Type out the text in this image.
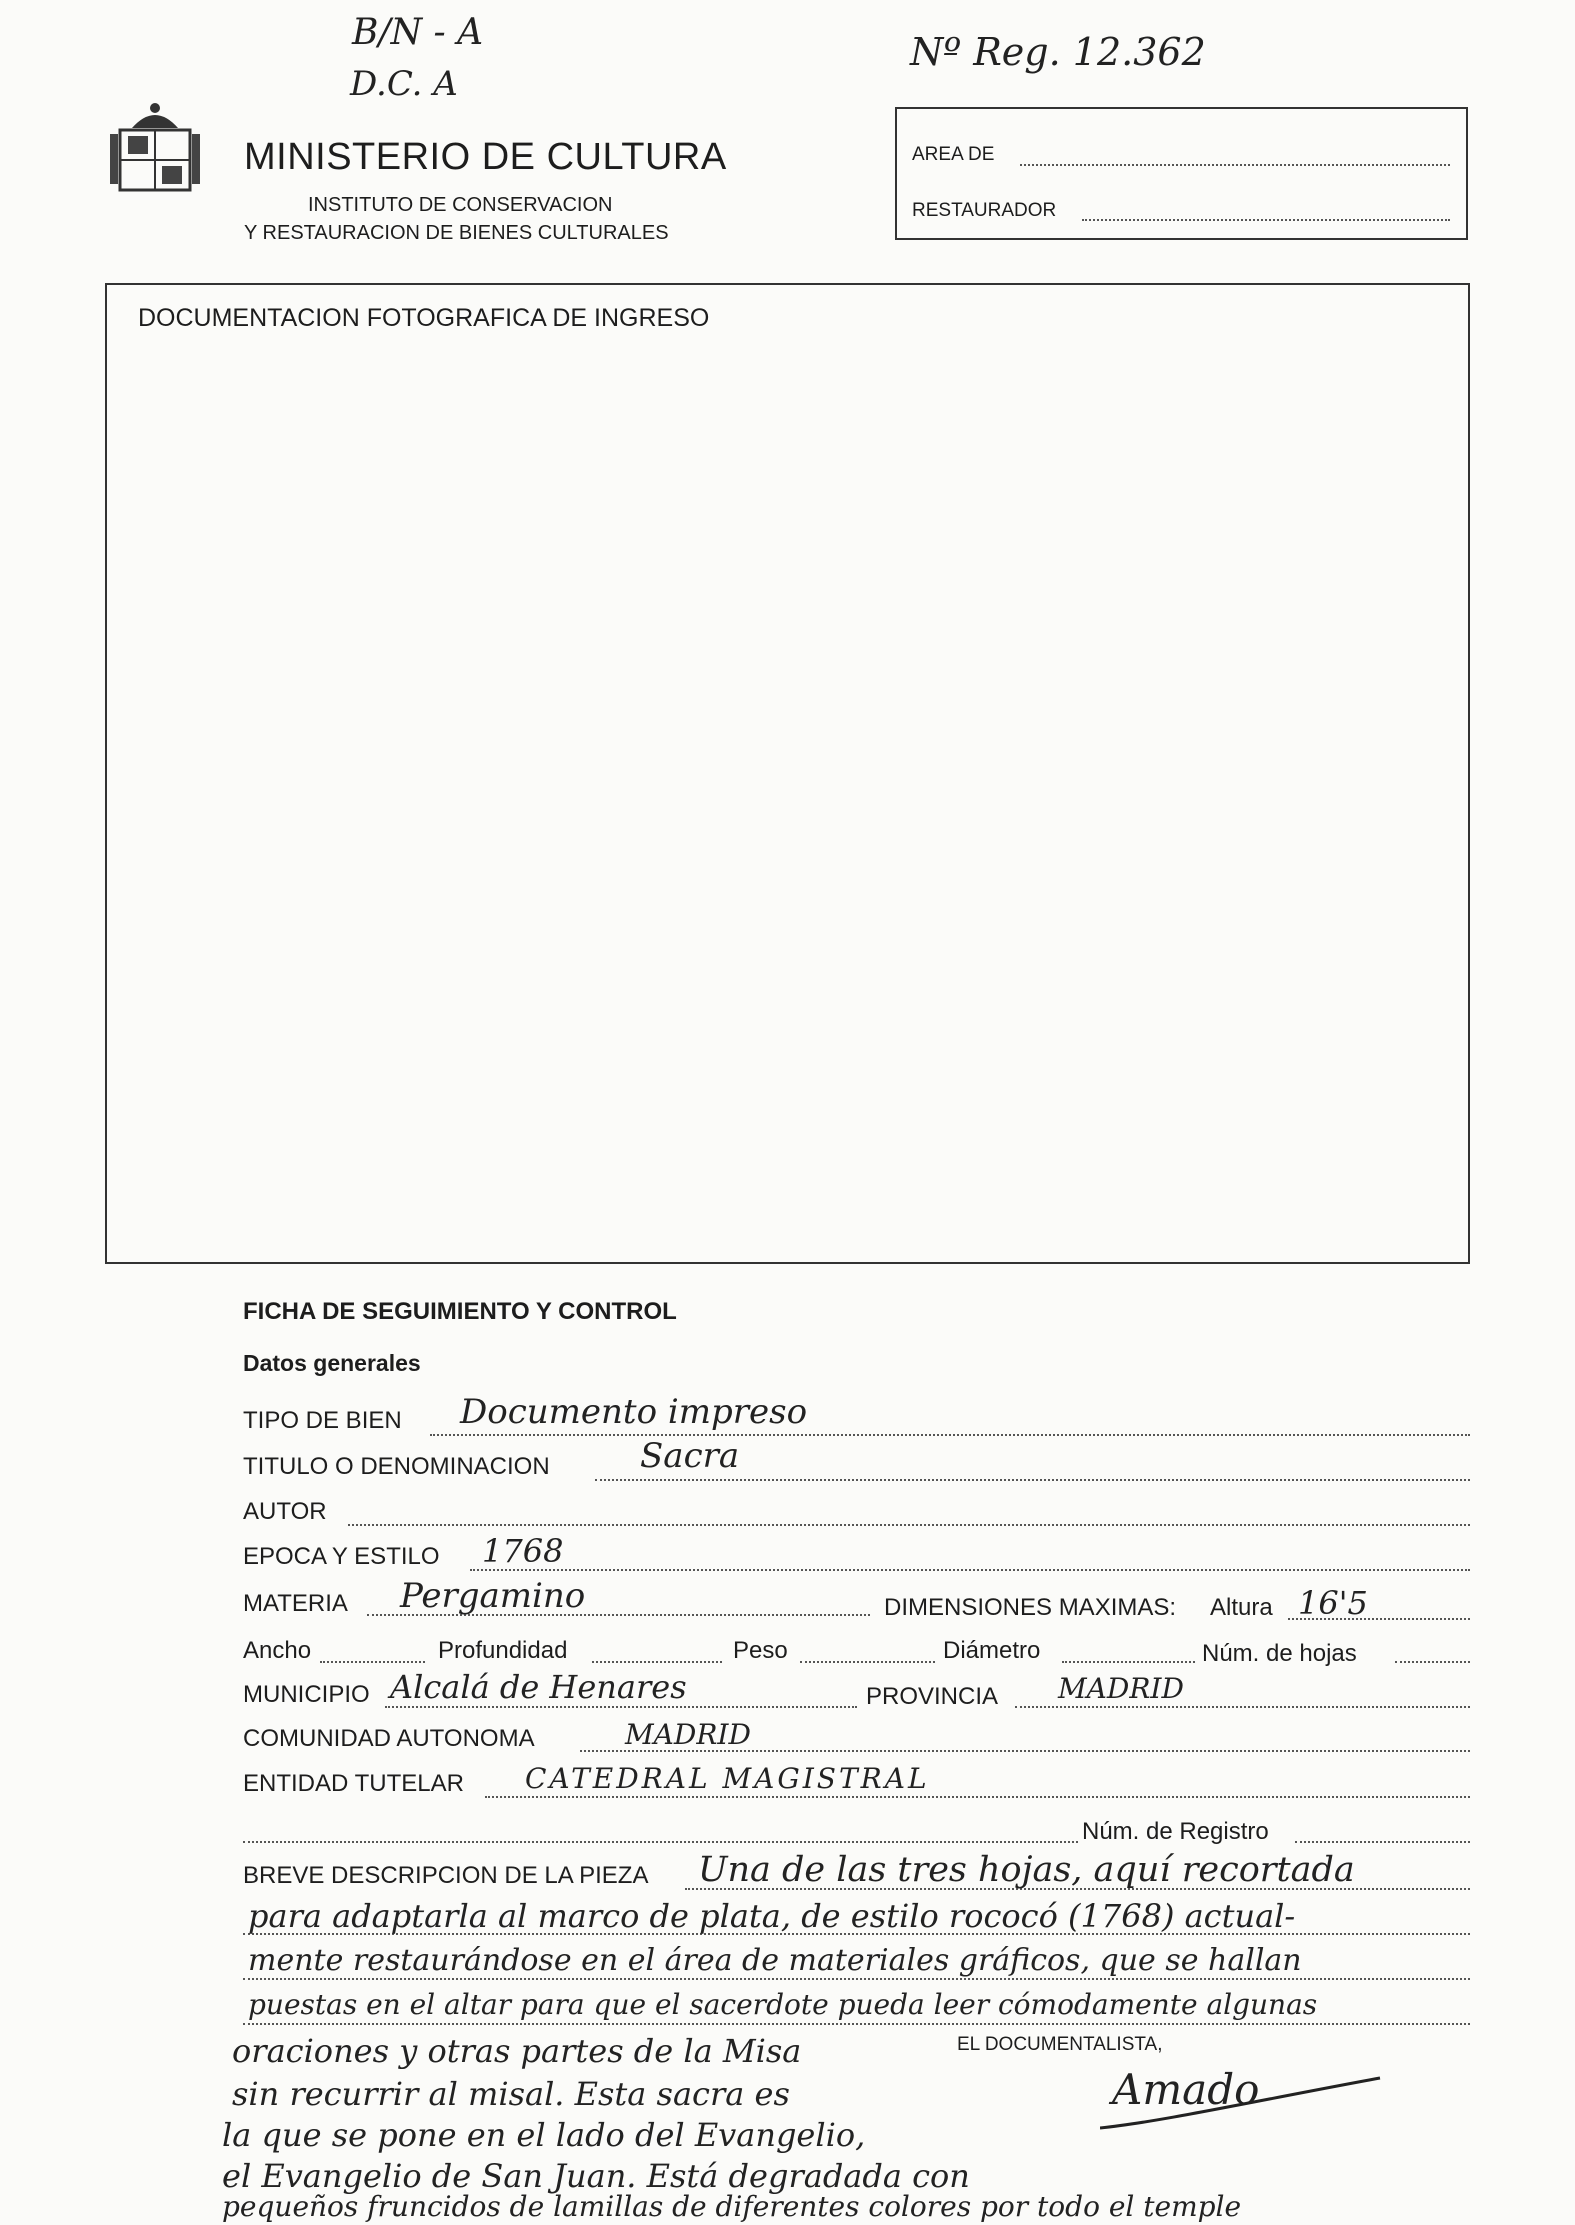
B/N - A
D.C. A
Nº Reg. 12.362
MINISTERIO DE CULTURA
INSTITUTO DE CONSERVACION
Y RESTAURACION DE BIENES CULTURALES
AREA DE
RESTAURADOR
DOCUMENTACION FOTOGRAFICA DE INGRESO
FICHA DE SEGUIMIENTO Y CONTROL
Datos generales
TIPO DE BIEN Documento impreso
TITULO O DENOMINACION	Sacra
AUTOR
EPOCA Y ESTILO 1768
MATERIA Pergamino	DIMENSIONES MAXIMAS: Altura 16'5
Ancho	Profundidad	Peso	Diámetro	Núm. de hojas
MUNICIPIO Alcalá de Henares	PROVINCIA MADRID
COMUNIDAD AUTONOMA	MADRID
ENTIDAD TUTELAR CATEDRAL MAGISTRAL
Núm. de Registro
BREVE DESCRIPCION DE LA PIEZA Una de las tres hojas, aquí recortada
para adaptarla al marco de plata, de estilo rococó (1768) actual-
mente restaurándose en el área de materiales gráficos, que se hallan
puestas en el altar para que el sacerdote pueda leer cómodamente algunas
oraciones y otras partes de la Misa
sin recurrir al misal. Esta sacra es
la que se pone en el lado del Evangelio,
el Evangelio de San Juan. Está degradada con
pequeños fruncidos de lamillas de diferentes colores por todo el temple
EL DOCUMENTALISTA,
Amado
